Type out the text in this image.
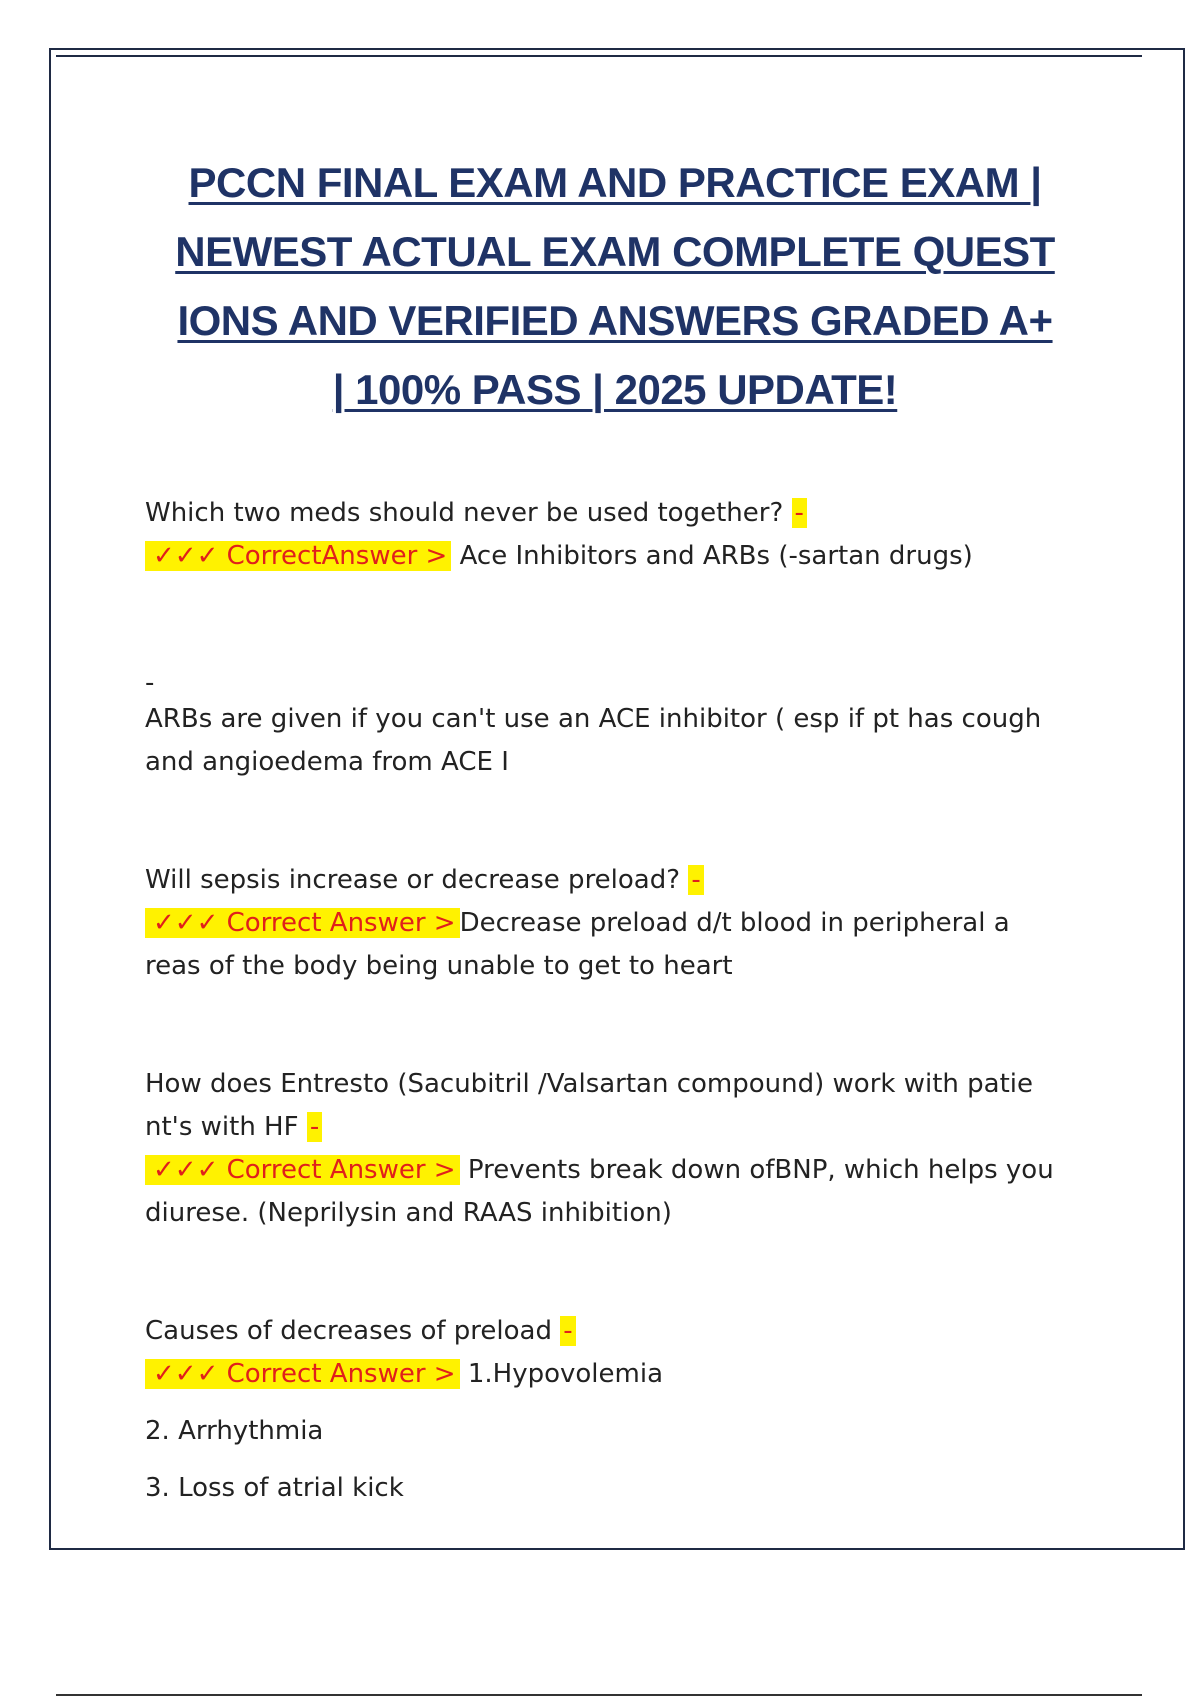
PCCN FINAL EXAM AND PRACTICE EXAM |
NEWEST ACTUAL EXAM COMPLETE QUEST
IONS AND VERIFIED ANSWERS GRADED A+
| 100% PASS | 2025 UPDATE!

Which two meds should never be used together? -

✓✓✓ CorrectAnswer > Ace Inhibitors and ARBs (-sartan drugs)

-

ARBs are given if you can't use an ACE inhibitor ( esp if pt has cough and angioedema from ACE I

Will sepsis increase or decrease preload? -

✓✓✓ Correct Answer > Decrease preload d/t blood in peripheral a reas of the body being unable to get to heart

How does Entresto (Sacubitril /Valsartan compound) work with patie nt's with HF -

✓✓✓ Correct Answer > Prevents break down ofBNP, which helps you diurese. (Neprilysin and RAAS inhibition)

Causes of decreases of preload -

✓✓✓ Correct Answer > 1.Hypovolemia

2. Arrhythmia

3. Loss of atrial kick
